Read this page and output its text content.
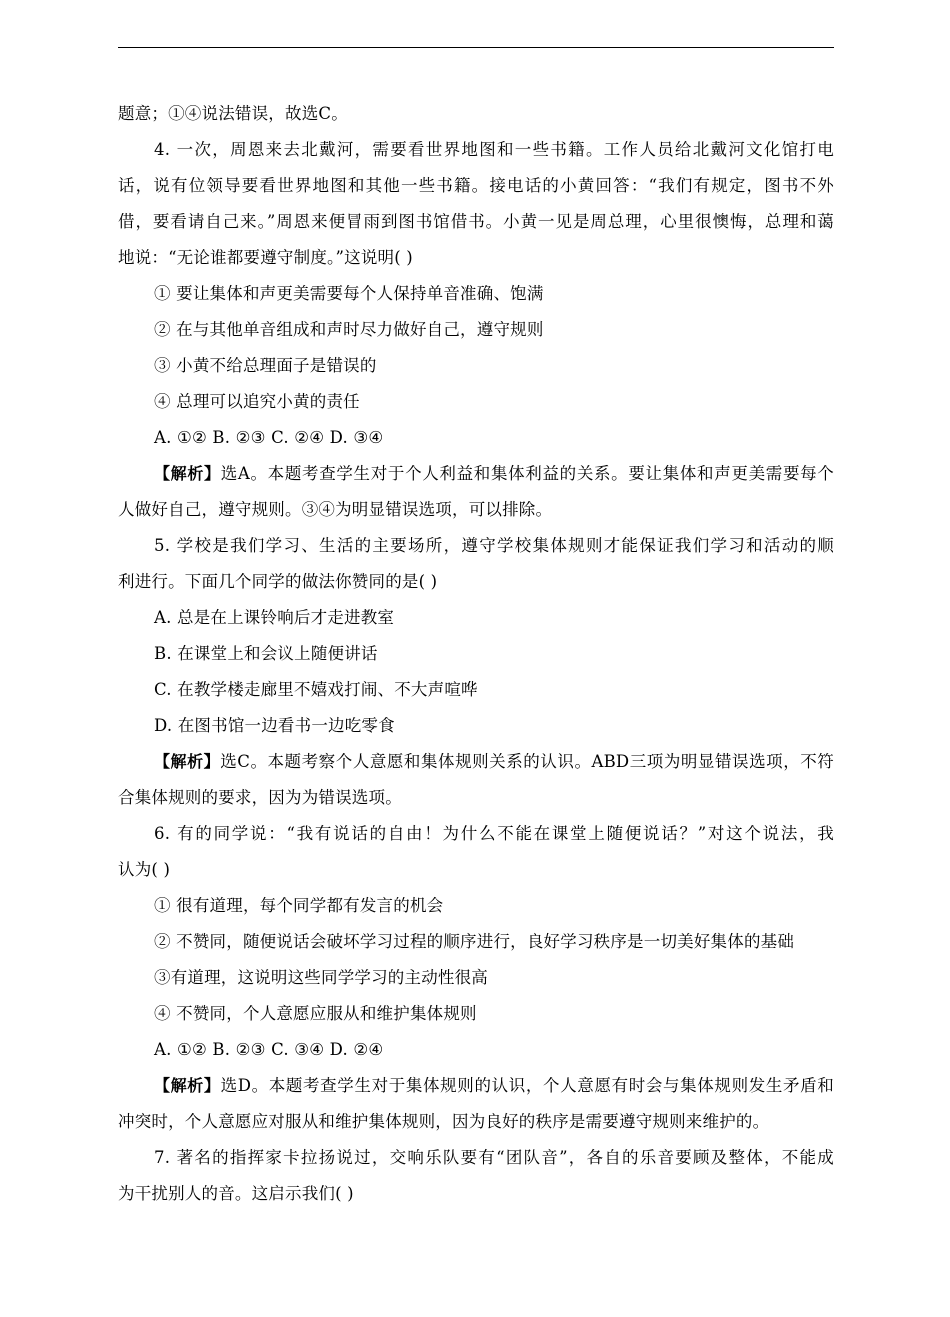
题意；①④说法错误，故选C。
4. 一次，周恩来去北戴河，需要看世界地图和一些书籍。工作人员给北戴河文化馆打电
话，说有位领导要看世界地图和其他一些书籍。接电话的小黄回答：“我们有规定，图书不外
借，要看请自己来。”周恩来便冒雨到图书馆借书。小黄一见是周总理，心里很懊悔，总理和蔼
地说：“无论谁都要遵守制度。”这说明( )
① 要让集体和声更美需要每个人保持单音准确、饱满
② 在与其他单音组成和声时尽力做好自己，遵守规则
③ 小黄不给总理面子是错误的
④ 总理可以追究小黄的责任
A. ①② B. ②③ C. ②④ D. ③④
【解析】选A。本题考查学生对于个人利益和集体利益的关系。要让集体和声更美需要每个
人做好自己，遵守规则。③④为明显错误选项，可以排除。
5. 学校是我们学习、生活的主要场所，遵守学校集体规则才能保证我们学习和活动的顺
利进行。下面几个同学的做法你赞同的是( )
A. 总是在上课铃响后才走进教室
B. 在课堂上和会议上随便讲话
C. 在教学楼走廊里不嬉戏打闹、不大声喧哗
D. 在图书馆一边看书一边吃零食
【解析】选C。本题考察个人意愿和集体规则关系的认识。ABD三项为明显错误选项，不符
合集体规则的要求，因为为错误选项。
6. 有的同学说：“我有说话的自由！为什么不能在课堂上随便说话？”对这个说法，我
认为( )
① 很有道理，每个同学都有发言的机会
② 不赞同，随便说话会破坏学习过程的顺序进行，良好学习秩序是一切美好集体的基础
③有道理，这说明这些同学学习的主动性很高
④ 不赞同，个人意愿应服从和维护集体规则
A. ①② B. ②③ C. ③④ D. ②④
【解析】选D。本题考查学生对于集体规则的认识，个人意愿有时会与集体规则发生矛盾和
冲突时，个人意愿应对服从和维护集体规则，因为良好的秩序是需要遵守规则来维护的。
7. 著名的指挥家卡拉扬说过，交响乐队要有“团队音”，各自的乐音要顾及整体，不能成
为干扰别人的音。这启示我们( )
